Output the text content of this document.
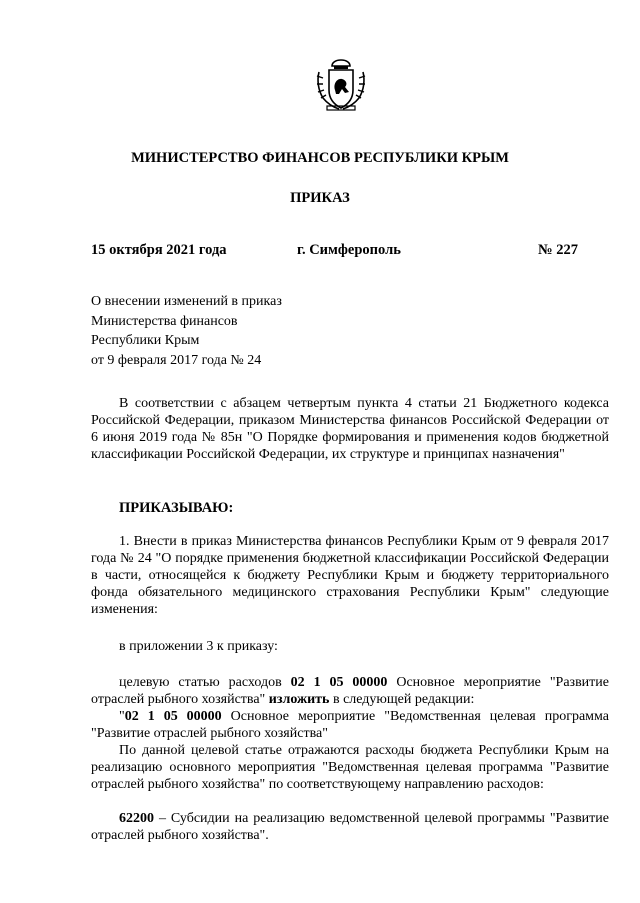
МИНИСТЕРСТВО ФИНАНСОВ РЕСПУБЛИКИ КРЫМ
ПРИКАЗ
15 октября 2021 года	г. Симферополь	№ 227
О внесении изменений в приказ
Министерства финансов
Республики Крым
от 9 февраля 2017 года № 24
В соответствии с абзацем четвертым пункта 4 статьи 21 Бюджетного кодекса Российской Федерации, приказом Министерства финансов Российской Федерации от 6 июня 2019 года № 85н "О Порядке формирования и применения кодов бюджетной классификации Российской Федерации, их структуре и принципах назначения"
ПРИКАЗЫВАЮ:
1. Внести в приказ Министерства финансов Республики Крым от 9 февраля 2017 года № 24 "О порядке применения бюджетной классификации Российской Федерации в части, относящейся к бюджету Республики Крым и бюджету территориального фонда обязательного медицинского страхования Республики Крым" следующие изменения:
в приложении 3 к приказу:
целевую статью расходов 02 1 05 00000 Основное мероприятие "Развитие отраслей рыбного хозяйства" изложить в следующей редакции:
"02 1 05 00000 Основное мероприятие "Ведомственная целевая программа "Развитие отраслей рыбного хозяйства"
По данной целевой статье отражаются расходы бюджета Республики Крым на реализацию основного мероприятия "Ведомственная целевая программа "Развитие отраслей рыбного хозяйства" по соответствующему направлению расходов:
62200 – Субсидии на реализацию ведомственной целевой программы "Развитие отраслей рыбного хозяйства".
